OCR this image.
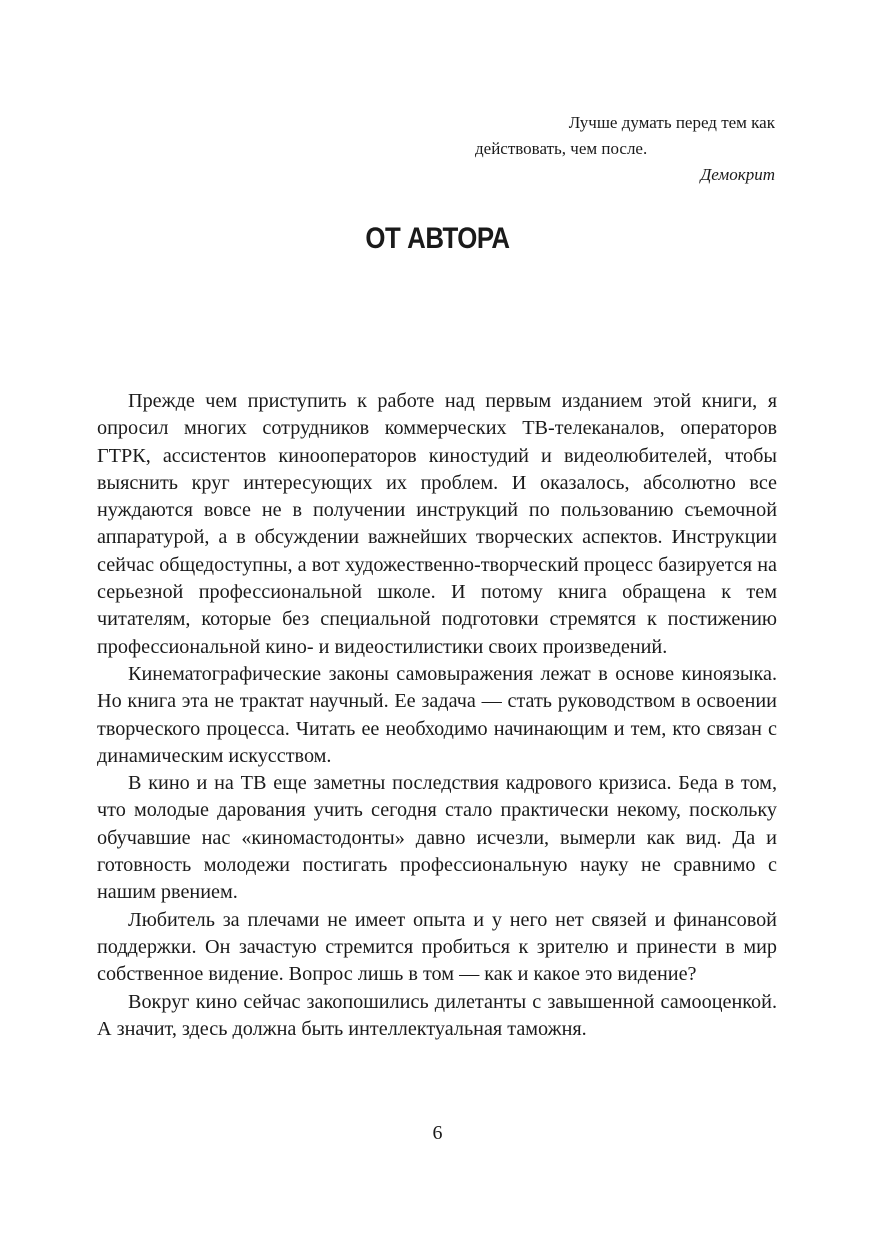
Лучше думать перед тем как
действовать, чем после.
Демокрит
ОТ АВТОРА

Прежде чем приступить к работе над первым изданием этой книги, я опросил многих сотрудников коммерческих ТВ-телеканалов, операторов ГТРК, ассистентов кинооператоров киностудий и видеолюбителей, чтобы выяснить круг интересующих их проблем. И оказалось, абсолютно все нуждаются вовсе не в получении инструкций по пользованию съемочной аппаратурой, а в обсуждении важнейших творческих аспектов. Инструкции сейчас общедоступны, а вот художественно-творческий процесс базируется на серьезной профессиональной школе. И потому книга обращена к тем читателям, которые без специальной подготовки стремятся к постижению профессиональной кино- и видеостилистики своих произведений.

Кинематографические законы самовыражения лежат в основе киноязыка. Но книга эта не трактат научный. Ее задача — стать руководством в освоении творческого процесса. Читать ее необходимо начинающим и тем, кто связан с динамическим искусством.

В кино и на ТВ еще заметны последствия кадрового кризиса. Беда в том, что молодые дарования учить сегодня стало практически некому, поскольку обучавшие нас «киномастодонты» давно исчезли, вымерли как вид. Да и готовность молодежи постигать профессиональную науку не сравнимо с нашим рвением.

Любитель за плечами не имеет опыта и у него нет связей и финансовой поддержки. Он зачастую стремится пробиться к зрителю и принести в мир собственное видение. Вопрос лишь в том — как и какое это видение?

Вокруг кино сейчас закопошились дилетанты с завышенной самооценкой. А значит, здесь должна быть интеллектуальная таможня.

6
